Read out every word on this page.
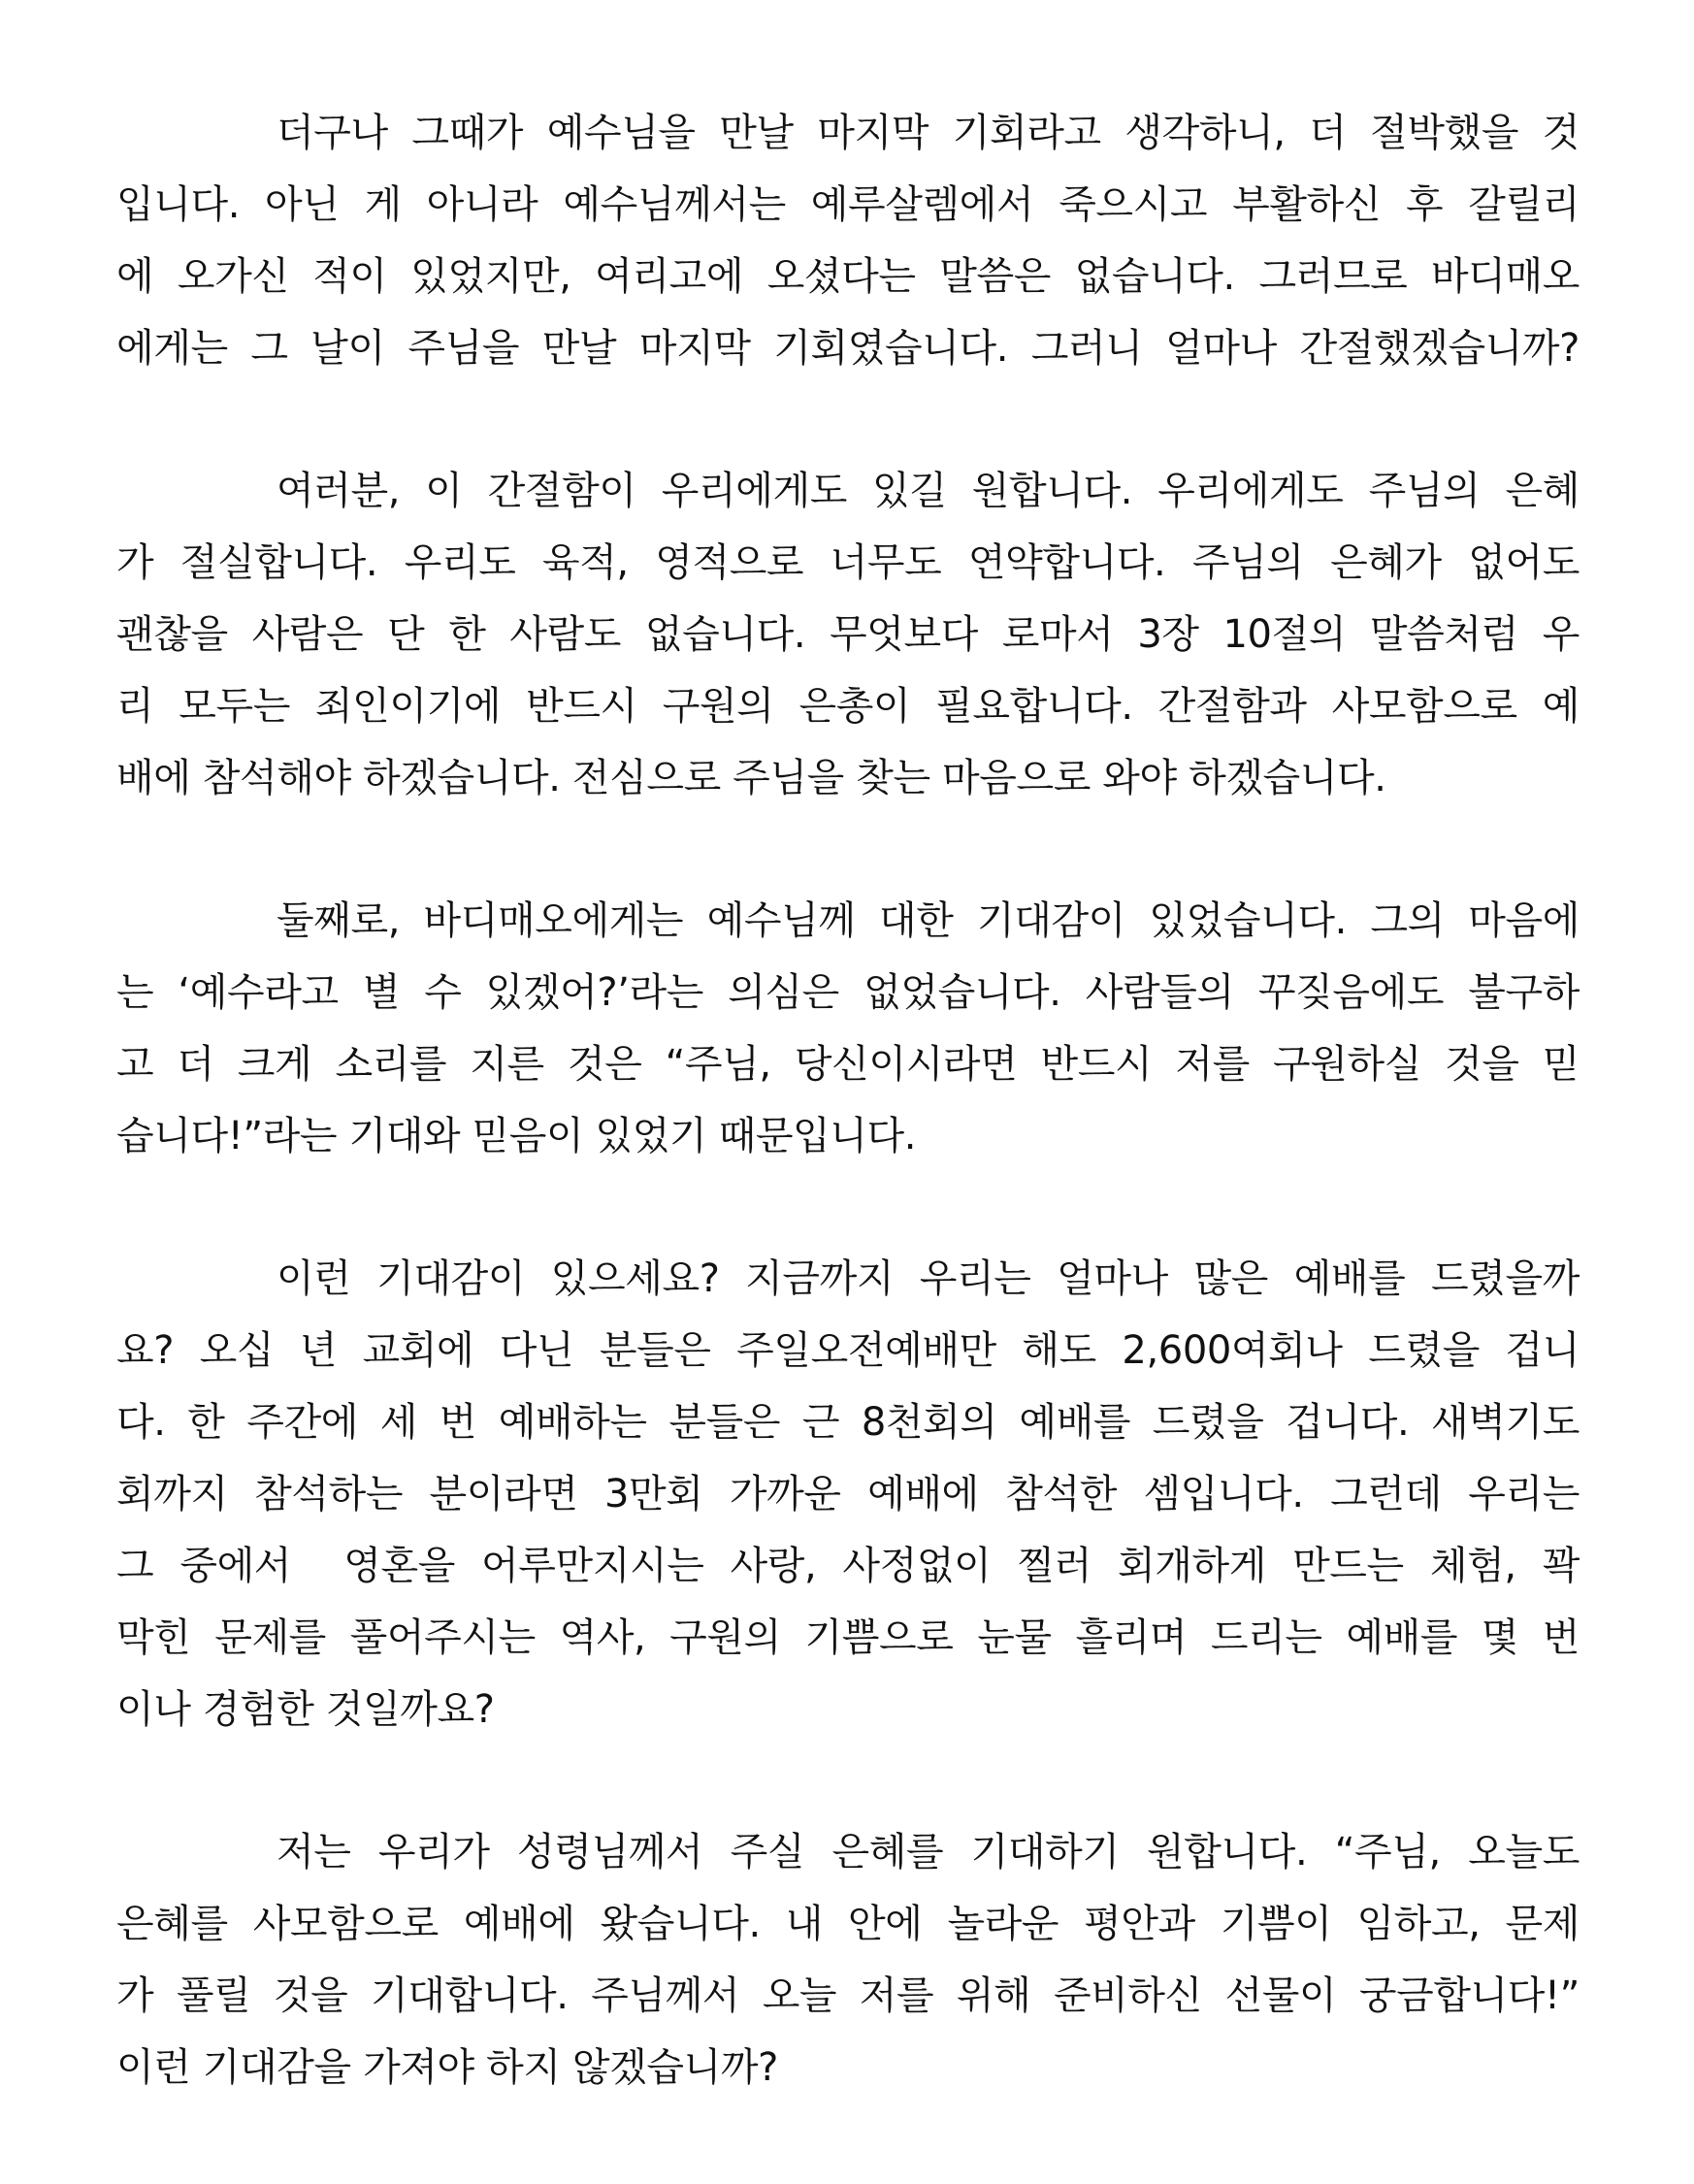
더구나 그때가 예수님을 만날 마지막 기회라고 생각하니, 더 절박했을 것
입니다. 아닌 게 아니라 예수님께서는 예루살렘에서 죽으시고 부활하신 후 갈릴리
에 오가신 적이 있었지만, 여리고에 오셨다는 말씀은 없습니다. 그러므로 바디매오
에게는 그 날이 주님을 만날 마지막 기회였습니다. 그러니 얼마나 간절했겠습니까?
여러분, 이 간절함이 우리에게도 있길 원합니다. 우리에게도 주님의 은혜
가 절실합니다. 우리도 육적, 영적으로 너무도 연약합니다. 주님의 은혜가 없어도
괜찮을 사람은 단 한 사람도 없습니다. 무엇보다 로마서 3장 10절의 말씀처럼 우
리 모두는 죄인이기에 반드시 구원의 은총이 필요합니다. 간절함과 사모함으로 예
배에 참석해야 하겠습니다. 전심으로 주님을 찾는 마음으로 와야 하겠습니다.
둘째로, 바디매오에게는 예수님께 대한 기대감이 있었습니다. 그의 마음에
는 ‘예수라고 별 수 있겠어?’라는 의심은 없었습니다. 사람들의 꾸짖음에도 불구하
고 더 크게 소리를 지른 것은 “주님, 당신이시라면 반드시 저를 구원하실 것을 믿
습니다!”라는 기대와 믿음이 있었기 때문입니다.
이런 기대감이 있으세요? 지금까지 우리는 얼마나 많은 예배를 드렸을까
요? 오십 년 교회에 다닌 분들은 주일오전예배만 해도 2,600여회나 드렸을 겁니
다. 한 주간에 세 번 예배하는 분들은 근 8천회의 예배를 드렸을 겁니다. 새벽기도
회까지 참석하는 분이라면 3만회 가까운 예배에 참석한 셈입니다. 그런데 우리는
그 중에서  영혼을 어루만지시는 사랑, 사정없이 찔러 회개하게 만드는 체험, 꽉
막힌 문제를 풀어주시는 역사, 구원의 기쁨으로 눈물 흘리며 드리는 예배를 몇 번
이나 경험한 것일까요?
저는 우리가 성령님께서 주실 은혜를 기대하기 원합니다. “주님, 오늘도
은혜를 사모함으로 예배에 왔습니다. 내 안에 놀라운 평안과 기쁨이 임하고, 문제
가 풀릴 것을 기대합니다. 주님께서 오늘 저를 위해 준비하신 선물이 궁금합니다!”
이런 기대감을 가져야 하지 않겠습니까?
